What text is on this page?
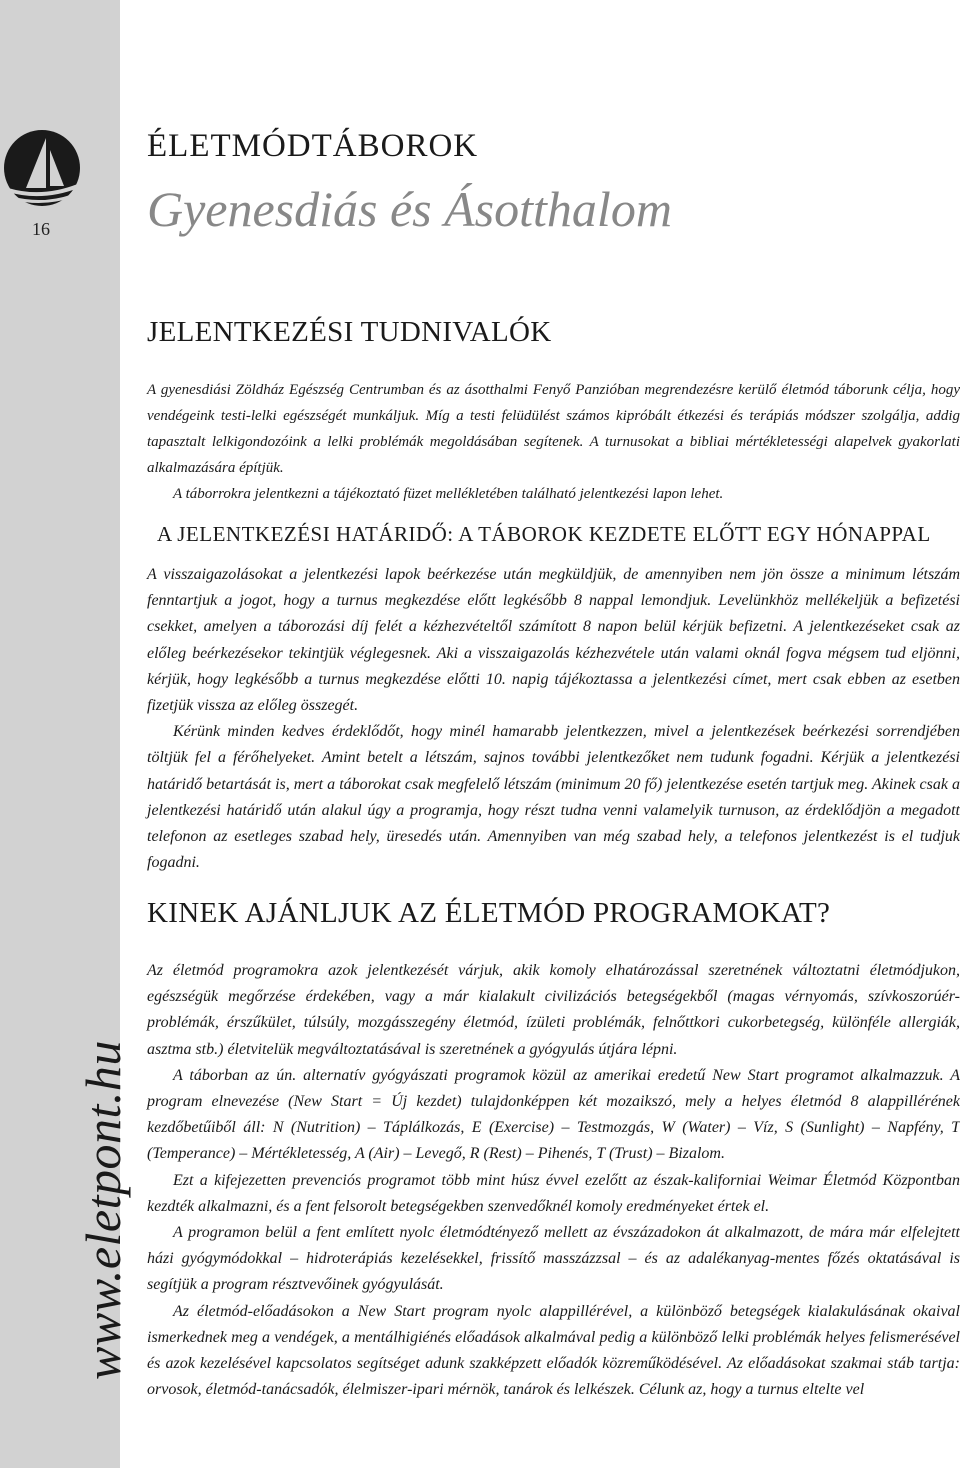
16
www.eletpont.hu
ÉLETMÓDTÁBOROK
Gyenesdiás és Ásotthalom
JELENTKEZÉSI TUDNIVALÓK

A gyenesdiási Zöldház Egészség Centrumban és az ásotthalmi Fenyő Panzióban megrendezésre kerülő életmód táborunk célja, hogy vendégeink testi-lelki egészségét munkáljuk. Míg a testi felüdülést számos kipróbált étkezési és terápiás módszer szolgálja, addig tapasztalt lelkigondozóink a lelki problémák megoldásában segítenek. A turnusokat a bibliai mértékletességi alapelvek gyakorlati alkalmazására építjük.

A táborrokra jelentkezni a tájékoztató füzet mellékletében található jelentkezési lapon lehet.

A JELENTKEZÉSI HATÁRIDŐ: A TÁBOROK KEZDETE ELŐTT EGY HÓNAPPAL

A visszaigazolásokat a jelentkezési lapok beérkezése után megküldjük, de amennyiben nem jön össze a minimum létszám fenntartjuk a jogot, hogy a turnus megkezdése előtt legkésőbb 8 nappal lemondjuk. Levelünkhöz mellékeljük a befizetési csekket, amelyen a táborozási díj felét a kézhezvételtől számított 8 napon belül kérjük befizetni. A jelentkezéseket csak az előleg beérkezésekor tekintjük véglegesnek. Aki a visszaigazolás kézhezvétele után valami oknál fogva mégsem tud eljönni, kérjük, hogy legkésőbb a turnus megkezdése előtti 10. napig tájékoztassa a jelentkezési címet, mert csak ebben az esetben fizetjük vissza az előleg összegét.

Kérünk minden kedves érdeklődőt, hogy minél hamarabb jelentkezzen, mivel a jelentkezések beérkezési sorrendjében töltjük fel a férőhelyeket. Amint betelt a létszám, sajnos további jelentkezőket nem tudunk fogadni. Kérjük a jelentkezési határidő betartását is, mert a táborokat csak megfelelő létszám (minimum 20 fő) jelentkezése esetén tartjuk meg. Akinek csak a jelentkezési határidő után alakul úgy a programja, hogy részt tudna venni valamelyik turnuson, az érdeklődjön a megadott telefonon az esetleges szabad hely, üresedés után. Amennyiben van még szabad hely, a telefonos jelentkezést is el tudjuk fogadni.

KINEK AJÁNLJUK AZ ÉLETMÓD PROGRAMOKAT?

Az életmód programokra azok jelentkezését várjuk, akik komoly elhatározással szeretnének változtatni életmódjukon, egészségük megőrzése érdekében, vagy a már kialakult civilizációs betegségekből (magas vérnyomás, szívkoszorúér-problémák, érszűkület, túlsúly, mozgásszegény életmód, ízületi problémák, felnőttkori cukorbetegség, különféle allergiák, asztma stb.) életvitelük megváltoztatásával is szeretnének a gyógyulás útjára lépni.

A táborban az ún. alternatív gyógyászati programok közül az amerikai eredetű New Start programot alkalmazzuk. A program elnevezése (New Start = Új kezdet) tulajdonképpen két mozaikszó, mely a helyes életmód 8 alappillérének kezdőbetűiből áll: N (Nutrition) – Táplálkozás, E (Exercise) – Testmozgás, W (Water) – Víz, S (Sunlight) – Napfény, T (Temperance) – Mértékletesség, A (Air) – Levegő, R (Rest) – Pihenés, T (Trust) – Bizalom.

Ezt a kifejezetten prevenciós programot több mint húsz évvel ezelőtt az észak-kaliforniai Weimar Életmód Központban kezdték alkalmazni, és a fent felsorolt betegségekben szenvedőknél komoly eredményeket értek el.

A programon belül a fent említett nyolc életmódtényező mellett az évszázadokon át alkalmazott, de mára már elfelejtett házi gyógymódokkal – hidroterápiás kezelésekkel, frissítő masszázzsal – és az adalékanyag-mentes főzés oktatásával is segítjük a program résztvevőinek gyógyulását.

Az életmód-előadásokon a New Start program nyolc alappillérével, a különböző betegségek kialakulásának okaival ismerkednek meg a vendégek, a mentálhigiénés előadások alkalmával pedig a különböző lelki problémák helyes felismerésével és azok kezelésével kapcsolatos segítséget adunk szakképzett előadók közreműködésével. Az előadásokat szakmai stáb tartja: orvosok, életmód-tanácsadók, élelmiszer-ipari mérnök, tanárok és lelkészek. Célunk az, hogy a turnus eltelte vel
